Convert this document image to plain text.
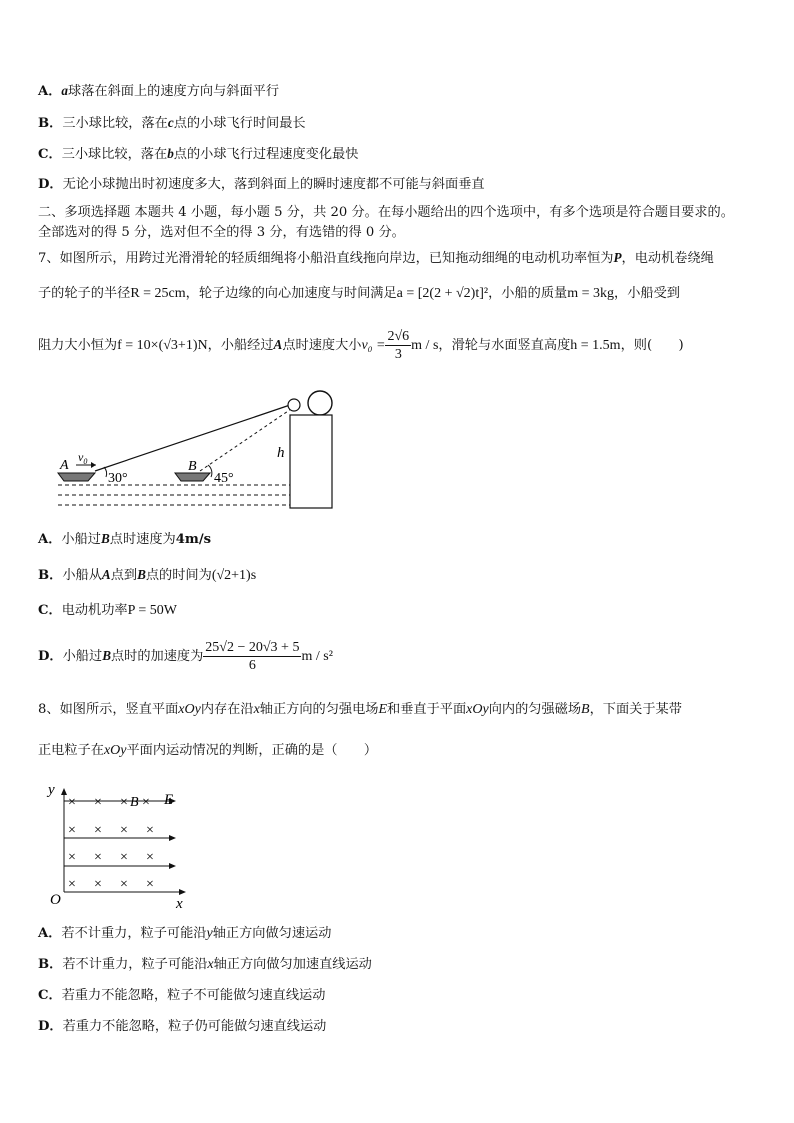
A．a球落在斜面上的速度方向与斜面平行
B．三小球比较，落在c点的小球飞行时间最长
C．三小球比较，落在b点的小球飞行过程速度变化最快
D．无论小球抛出时初速度多大，落到斜面上的瞬时速度都不可能与斜面垂直
二、多项选择题 本题共 4 小题，每小题 5 分，共 20 分。在每小题给出的四个选项中，有多个选项是符合题目要求的。
全部选对的得 5 分，选对但不全的得 3 分，有选错的得 0 分。
7、如图所示，用跨过光滑滑轮的轻质细绳将小船沿直线拖向岸边，已知拖动细绳的电动机功率恒为P，电动机卷绕绳
子的轮子的半径R = 25cm，轮子边缘的向心加速度与时间满足a = [2(2 + √2)t]²，小船的质量m = 3kg，小船受到
阻力大小恒为f = 10×(√3+1)N，小船经过A点时速度大小$v_0 = \frac{2√6}{3}$ m / s，滑轮与水面竖直高度h = 1.5m，则(　　)
A
$v_0$
30°
B
45°
h
A．小船过B点时速度为4m/s
B．小船从A点到B点的时间为(√2+1)s
C．电动机功率P = 50W
D．小船过B点时的加速度为 $\frac{25√2 - 20√3 + 5}{6}$ m / s²
8、如图所示，竖直平面xOy内存在沿x轴正方向的匀强电场E和垂直于平面xOy向内的匀强磁场B，下面关于某带
正电粒子在xOy平面内运动情况的判断，正确的是（　　）
× × × B × E
× × × ×
× × × ×
× × × ×
y
O	x
A．若不计重力，粒子可能沿y轴正方向做匀速运动
B．若不计重力，粒子可能沿x轴正方向做匀加速直线运动
C．若重力不能忽略，粒子不可能做匀速直线运动
D．若重力不能忽略，粒子仍可能做匀速直线运动
